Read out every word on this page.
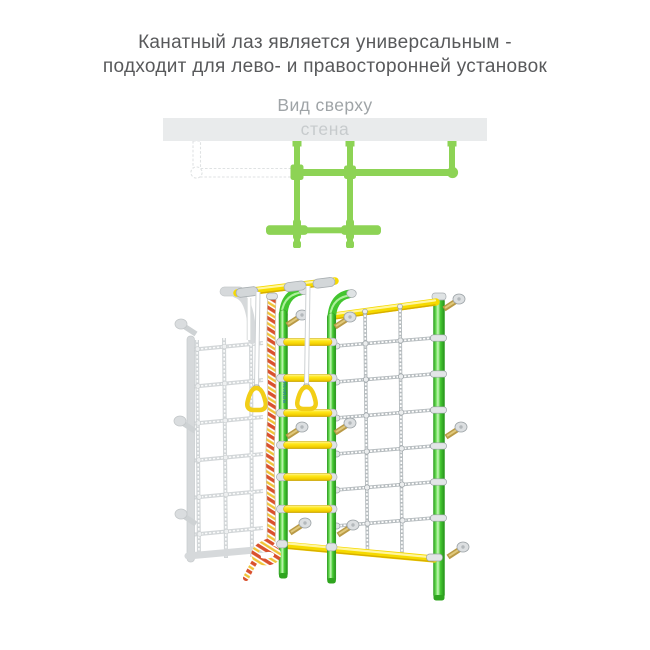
ROMANA
Канатный лаз является универсальным -
подходит для лево- и правосторонней установок
Вид сверху
стена
